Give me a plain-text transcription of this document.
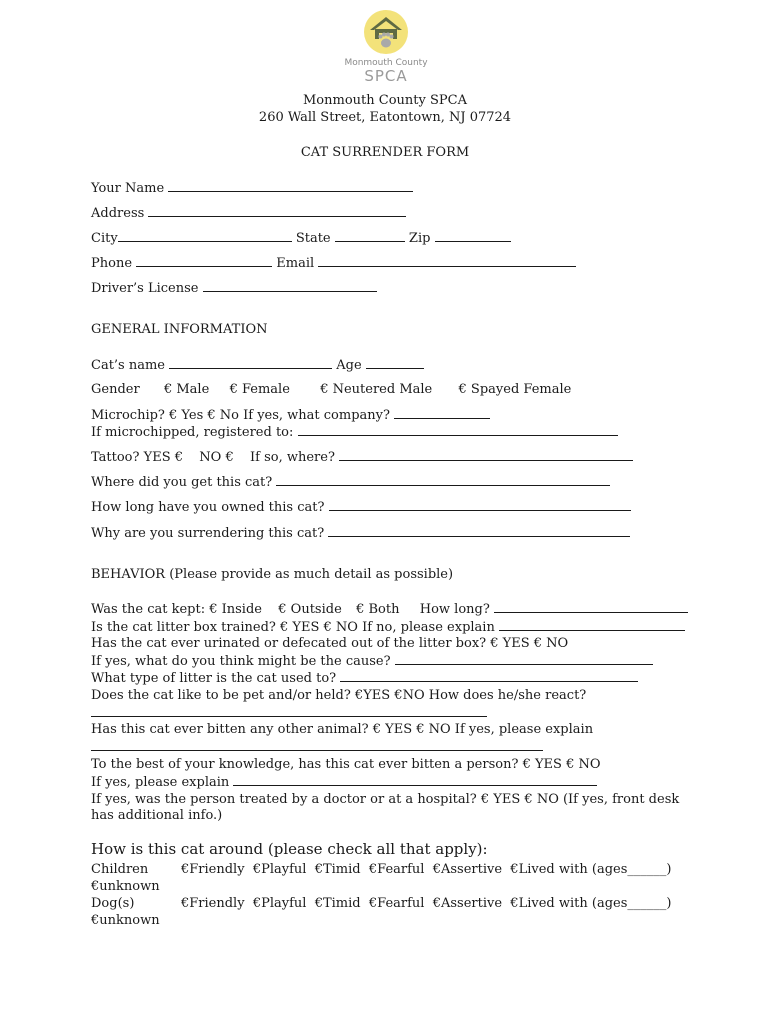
Monmouth County
SPCA
Monmouth County SPCA
260 Wall Street, Eatontown, NJ 07724
CAT SURRENDER FORM
Your Name
Address
City	State	Zip
Phone	Email
Driver’s License
GENERAL INFORMATION
Cat’s name	Age
Gender € Male € Female € Neutered Male € Spayed Female
Microchip? € Yes € No If yes, what company?
If microchipped, registered to:
Tattoo? YES € NO € If so, where?
Where did you get this cat?
How long have you owned this cat?
Why are you surrendering this cat?
BEHAVIOR (Please provide as much detail as possible)
Was the cat kept: € Inside € Outside € Both How long?
Is the cat litter box trained? € YES € NO If no, please explain
Has the cat ever urinated or defecated out of the litter box? € YES € NO
If yes, what do you think might be the cause?
What type of litter is the cat used to?
Does the cat like to be pet and/or held? €YES €NO How does he/she react?
Has this cat ever bitten any other animal? € YES € NO If yes, please explain
To the best of your knowledge, has this cat ever bitten a person? € YES € NO
If yes, please explain
If yes, was the person treated by a doctor or at a hospital? € YES € NO (If yes, front desk
has additional info.)
How is this cat around (please check all that apply):
Children	€Friendly  €Playful  €Timid  €Fearful  €Assertive  €Lived with (ages______)
€unknown
Dog(s)	€Friendly  €Playful  €Timid  €Fearful  €Assertive  €Lived with (ages______)
€unknown
